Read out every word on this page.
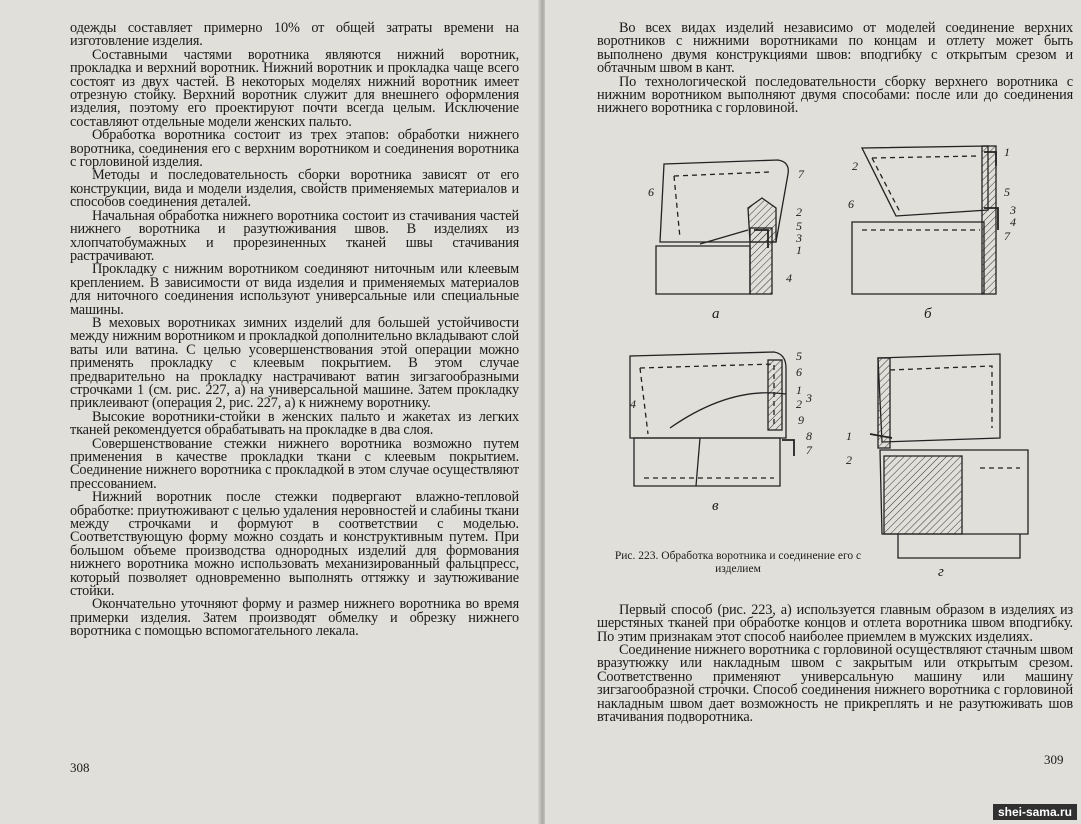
одежды составляет примерно 10% от общей затраты времени на изготовление изделия.

Составными частями воротника являются нижний воротник, прокладка и верхний воротник. Нижний воротник и прокладка чаще всего состоят из двух частей. В некоторых моделях нижний воротник имеет отрезную стойку. Верхний воротник служит для внешнего оформления изделия, поэтому его проектируют почти всегда целым. Исключение составляют отдельные модели женских пальто.

Обработка воротника состоит из трех этапов: обработки нижнего воротника, соединения его с верхним воротником и соединения воротника с горловиной изделия.

Методы и последовательность сборки воротника зависят от его конструкции, вида и модели изделия, свойств применяемых материалов и способов соединения деталей.

Начальная обработка нижнего воротника состоит из стачивания частей нижнего воротника и разутюживания швов. В изделиях из хлопчатобумажных и прорезиненных тканей швы стачивания растрачивают.

Прокладку с нижним воротником соединяют ниточным или клеевым креплением. В зависимости от вида изделия и применяемых материалов для ниточного соединения используют универсальные или специальные машины.

В меховых воротниках зимних изделий для большей устойчивости между нижним воротником и прокладкой дополнительно вкладывают слой ваты или ватина. С целью усовершенствования этой операции можно применять прокладку с клеевым покрытием. В этом случае предварительно на прокладку настрачивают ватин зигзагообразными строчками 1 (см. рис. 227, а) на универсальной машине. Затем прокладку приклеивают (операция 2, рис. 227, а) к нижнему воротнику.

Высокие воротники-стойки в женских пальто и жакетах из легких тканей рекомендуется обрабатывать на прокладке в два слоя.

Совершенствование стежки нижнего воротника возможно путем применения в качестве прокладки ткани с клеевым покрытием. Соединение нижнего воротника с прокладкой в этом случае осуществляют прессованием.

Нижний воротник после стежки подвергают влажно-тепловой обработке: приутюживают с целью удаления неровностей и слабины ткани между строчками и формуют в соответствии с моделью. Соответствующую форму можно создать и конструктивным путем. При большом объеме производства однородных изделий для формования нижнего воротника можно использовать механизированный фальцпресс, который позволяет одновременно выполнять оттяжку и заутюживание стойки.

Окончательно уточняют форму и размер нижнего воротника во время примерки изделия. Затем производят обмелку и обрезку нижнего воротника с помощью вспомогательного лекала.

308

Во всех видах изделий независимо от моделей соединение верхних воротников с нижними воротниками по концам и отлету может быть выполнено двумя конструкциями швов: вподгибку с открытым срезом и обтачным швом в кант.

По технологической последовательности сборку верхнего воротника с нижним воротником выполняют двумя способами: после или до соединения нижнего воротника с горловиной.

Первый способ (рис. 223, а) используется главным образом в изделиях из шерстяных тканей при обработке концов и отлета воротника швом вподгибку. По этим признакам этот способ наиболее приемлем в мужских изделиях.

Соединение нижнего воротника с горловиной осуществляют стачным швом вразутюжку или накладным швом с закрытым или открытым срезом. Соответственно применяют универсальную машину или машину зигзагообразной строчки. Способ соединения нижнего воротника с горловиной накладным швом дает возможность не прикреплять и не разутюживать шов втачивания подворотника.

309
6
7
2
5
3
1
4
1
2
6
5
3
4
7
5
6
4
1
3
2
9
8
7
1
2
а	б
в
г
Рис. 223. Обработка воротника и соединение его с изделием
shei-sama.ru
